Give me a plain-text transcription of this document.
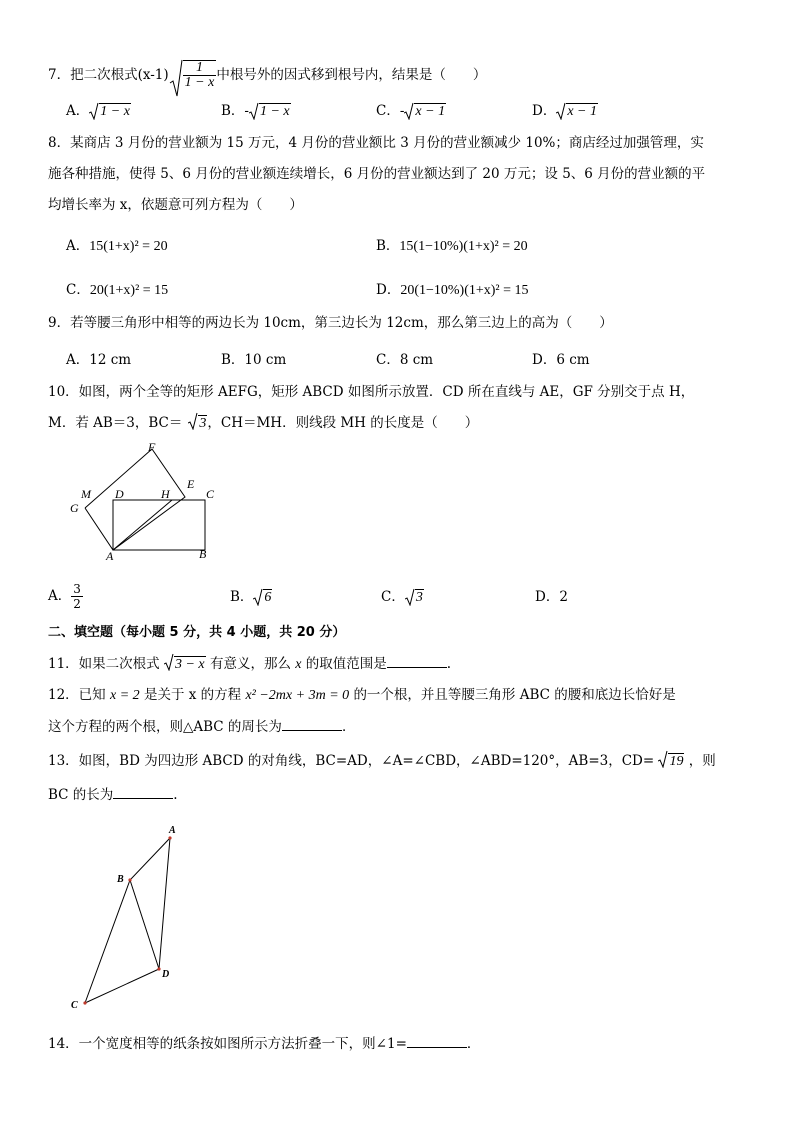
7．把二次根式$(x-1) \frac{1}{1 - x}$ 中根号外的因式移到根号内，结果是（　　）
A． 1 − x	B．- 1 − x	C．- x − 1	D． x − 1
8．某商店 3 月份的营业额为 15 万元，4 月份的营业额比 3 月份的营业额减少 10%；商店经过加强管理，实
施各种措施，使得 5、6 月份的营业额连续增长，6 月份的营业额达到了 20 万元；设 5、6 月份的营业额的平
均增长率为 x，依题意可列方程为（　　）
A．15(1+x)² = 20	B．15(1−10%)(1+x)² = 20
C．20(1+x)² = 15	D．20(1−10%)(1+x)² = 15
9．若等腰三角形中相等的两边长为 10cm，第三边长为 12cm，那么第三边上的高为（　　）
A．12 cm	B．10 cm	C．8 cm	D．6 cm
10．如图，两个全等的矩形 AEFG，矩形 ABCD 如图所示放置．CD 所在直线与 AE，GF 分别交于点 H，
M．若 AB＝3，BC＝ 3，CH＝MH．则线段 MH 的长度是（　　）
F
E
M D	H	C
G
A	B
A． $\frac{3}{2}$	B． 6	C． 3	D．2
二、填空题（每小题 5 分，共 4 小题，共 20 分）
11．如果二次根式 3 − x 有意义，那么 x 的取值范围是	.
12．已知 x = 2 是关于 x 的方程 x² −2mx + 3m = 0 的一个根，并且等腰三角形 ABC 的腰和底边长恰好是
这个方程的两个根，则△ABC 的周长为	．
13．如图，BD 为四边形 ABCD 的对角线，BC=AD，∠A=∠CBD，∠ABD=120°，AB=3，CD= 19 ，则
BC 的长为	.
A
B
C
D
14．一个宽度相等的纸条按如图所示方法折叠一下，则∠1=	．
